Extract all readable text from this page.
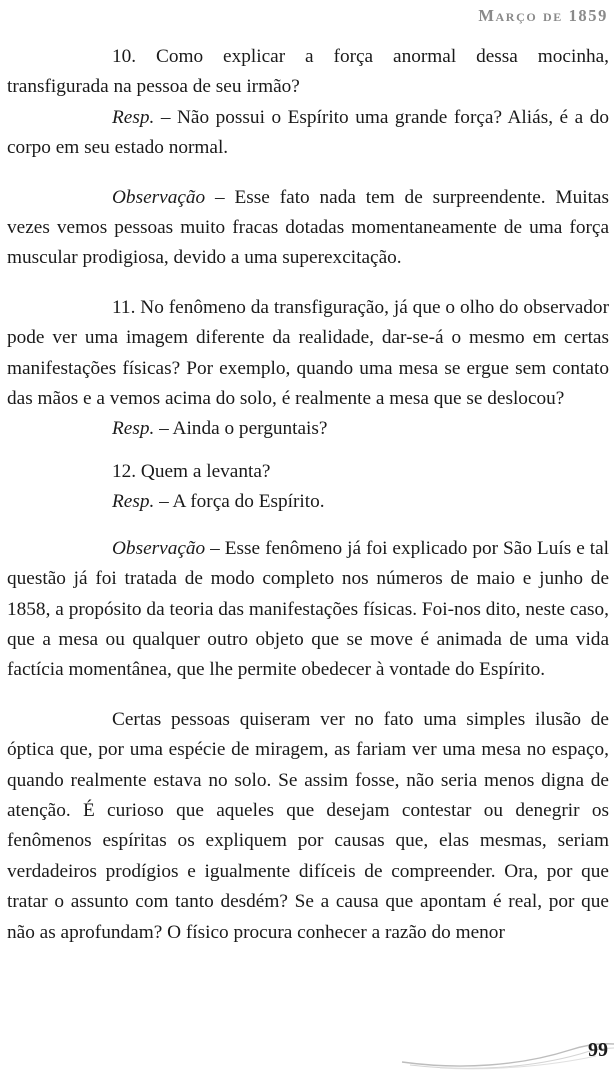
Março de 1859

10. Como explicar a força anormal dessa mocinha, transfigurada na pessoa de seu irmão?

Resp. – Não possui o Espírito uma grande força? Aliás, é a do corpo em seu estado normal.

Observação – Esse fato nada tem de surpreendente. Muitas vezes vemos pessoas muito fracas dotadas momentaneamente de uma força muscular prodigiosa, devido a uma superexcitação.

11. No fenômeno da transfiguração, já que o olho do observador pode ver uma imagem diferente da realidade, dar-se-á o mesmo em certas manifestações físicas? Por exemplo, quando uma mesa se ergue sem contato das mãos e a vemos acima do solo, é realmente a mesa que se deslocou?

Resp. – Ainda o perguntais?

12. Quem a levanta?

Resp. – A força do Espírito.

Observação – Esse fenômeno já foi explicado por São Luís e tal questão já foi tratada de modo completo nos números de maio e junho de 1858, a propósito da teoria das manifestações físicas. Foi-nos dito, neste caso, que a mesa ou qualquer outro objeto que se move é animada de uma vida factícia momentânea, que lhe permite obedecer à vontade do Espírito.

Certas pessoas quiseram ver no fato uma simples ilusão de óptica que, por uma espécie de miragem, as fariam ver uma mesa no espaço, quando realmente estava no solo. Se assim fosse, não seria menos digna de atenção. É curioso que aqueles que desejam contestar ou denegrir os fenômenos espíritas os expliquem por causas que, elas mesmas, seriam verdadeiros prodígios e igualmente difíceis de compreender. Ora, por que tratar o assunto com tanto desdém? Se a causa que apontam é real, por que não as aprofundam? O físico procura conhecer a razão do menor

99
